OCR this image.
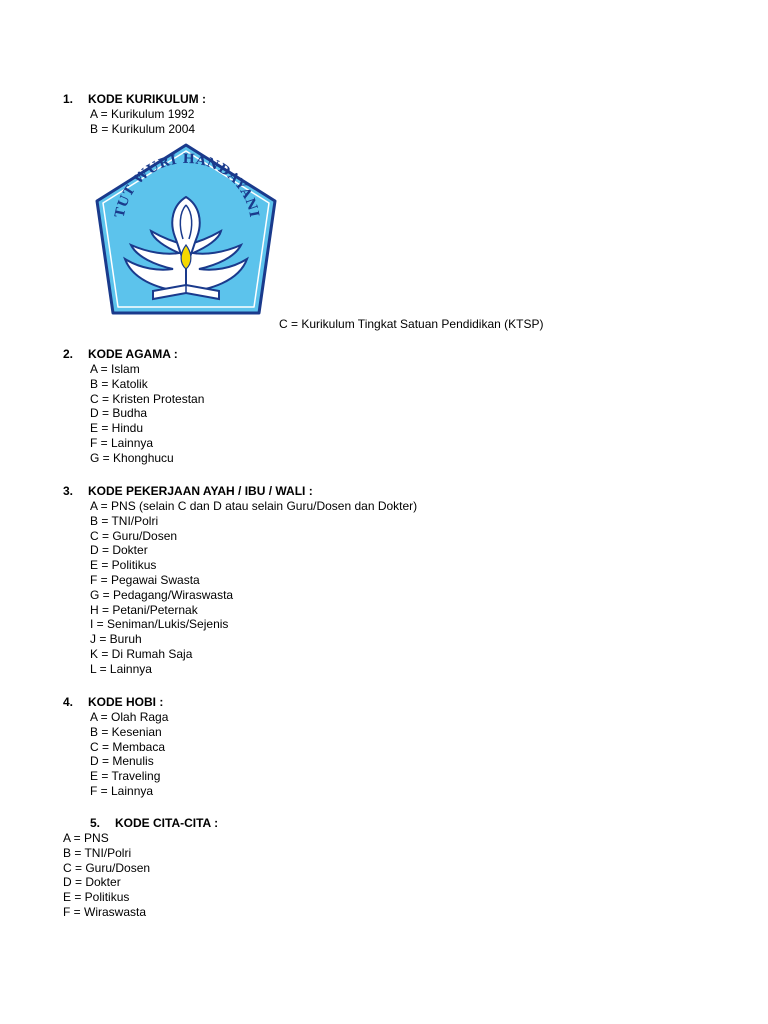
1. KODE KURIKULUM :
A = Kurikulum 1992
B = Kurikulum 2004
TUT WURI HANDAYANI
C = Kurikulum Tingkat Satuan Pendidikan (KTSP)
2. KODE AGAMA :
A = Islam
B = Katolik
C = Kristen Protestan
D = Budha
E = Hindu
F = Lainnya
G = Khonghucu
3. KODE PEKERJAAN AYAH / IBU / WALI :
A = PNS (selain C dan D atau selain Guru/Dosen dan Dokter)
B = TNI/Polri
C = Guru/Dosen
D = Dokter
E = Politikus
F = Pegawai Swasta
G = Pedagang/Wiraswasta
H = Petani/Peternak
I = Seniman/Lukis/Sejenis
J = Buruh
K = Di Rumah Saja
L = Lainnya
4. KODE HOBI :
A = Olah Raga
B = Kesenian
C = Membaca
D = Menulis
E = Traveling
F = Lainnya
5. KODE CITA-CITA :
A = PNS
B = TNI/Polri
C = Guru/Dosen
D = Dokter
E = Politikus
F = Wiraswasta
